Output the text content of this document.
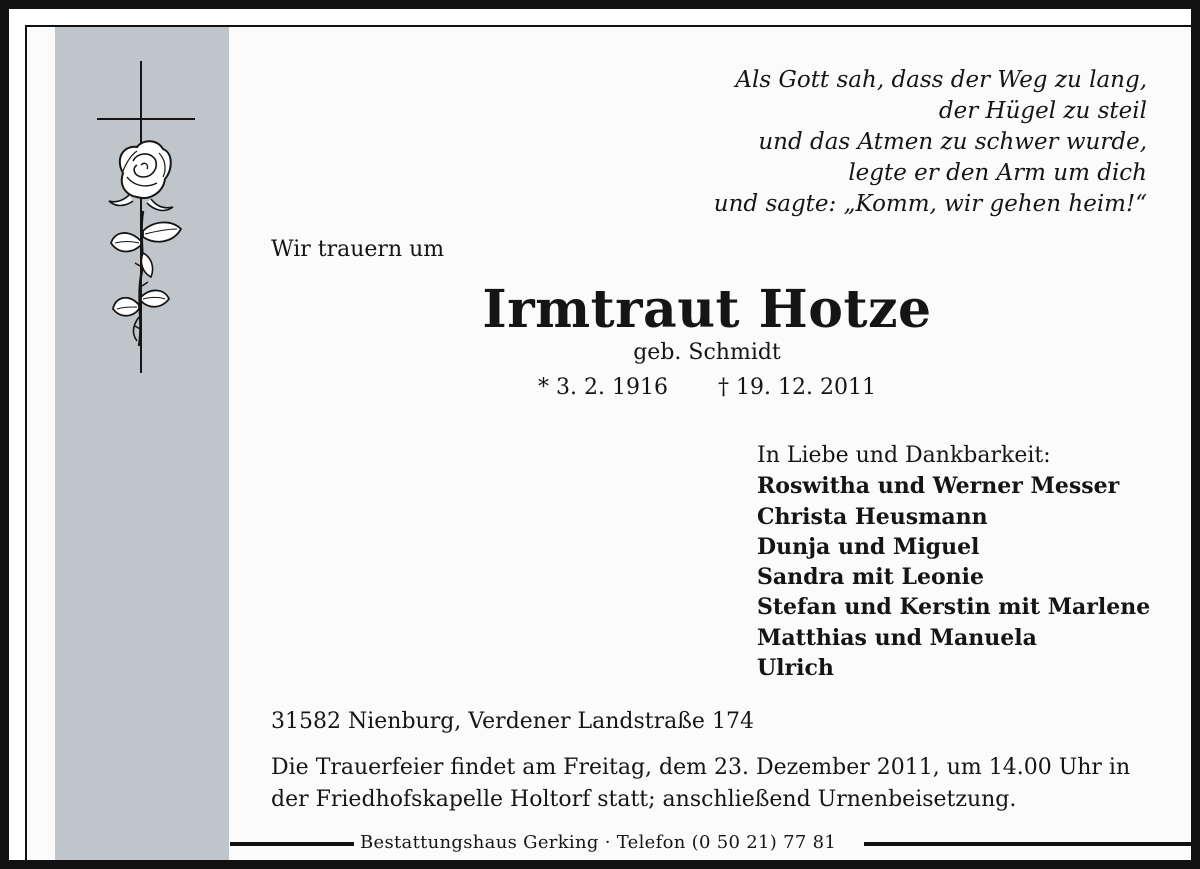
Als Gott sah, dass der Weg zu lang,
der Hügel zu steil
und das Atmen zu schwer wurde,
legte er den Arm um dich
und sagte: „Komm, wir gehen heim!“
Wir trauern um
Irmtraut Hotze
geb. Schmidt
* 3. 2. 1916 † 19. 12. 2011
In Liebe und Dankbarkeit:
Roswitha und Werner Messer
Christa Heusmann
Dunja und Miguel
Sandra mit Leonie
Stefan und Kerstin mit Marlene
Matthias und Manuela
Ulrich
31582 Nienburg, Verdener Landstraße 174
Die Trauerfeier findet am Freitag, dem 23. Dezember 2011, um 14.00 Uhr in
der Friedhofskapelle Holtorf statt; anschließend Urnenbeisetzung.
Bestattungshaus Gerking · Telefon (0 50 21) 77 81
